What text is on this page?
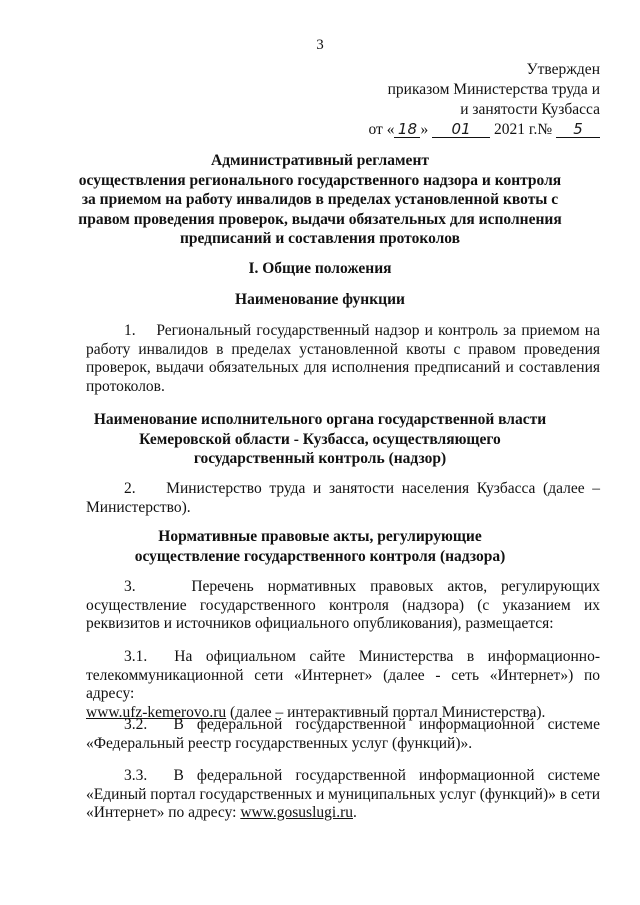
3
Утвержден
приказом Министерства труда и
и занятости Кузбасса
от « 18 » 01 2021 г.№ 5
Административный регламент
осуществления регионального государственного надзора и контроля
за приемом на работу инвалидов в пределах установленной квоты с
правом проведения проверок, выдачи обязательных для исполнения
предписаний и составления протоколов
I. Общие положения
Наименование функции
1. Региональный государственный надзор и контроль за приемом на
работу инвалидов в пределах установленной квоты с правом проведения
проверок, выдачи обязательных для исполнения предписаний и составления
протоколов.
Наименование исполнительного органа государственной власти
Кемеровской области - Кузбасса, осуществляющего
государственный контроль (надзор)
2. Министерство труда и занятости населения Кузбасса (далее –
Министерство).
Нормативные правовые акты, регулирующие
осуществление государственного контроля (надзора)
3.	Перечень нормативных правовых актов, регулирующих
осуществление государственного контроля (надзора) (с указанием их
реквизитов и источников официального опубликования), размещается:
3.1. На официальном сайте Министерства в информационно-
телекоммуникационной сети «Интернет» (далее - сеть «Интернет») по адресу:
www.ufz-kemerovo.ru (далее – интерактивный портал Министерства).
3.2. В федеральной государственной информационной системе
«Федеральный реестр государственных услуг (функций)».
3.3. В федеральной государственной информационной системе
«Единый портал государственных и муниципальных услуг (функций)» в сети
«Интернет» по адресу: www.gosuslugi.ru.
